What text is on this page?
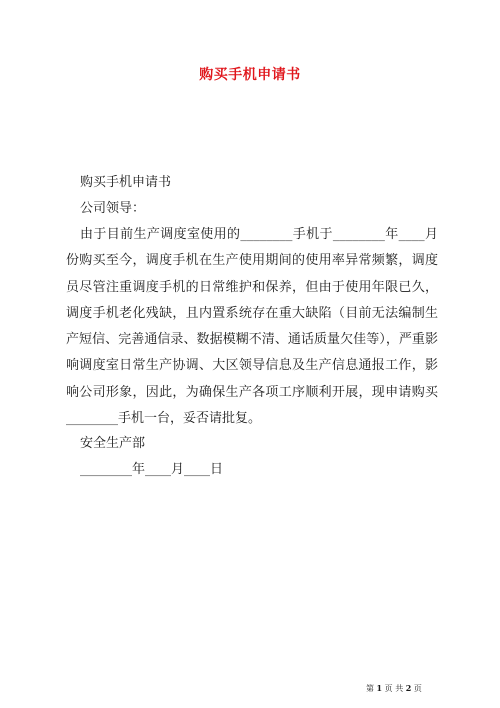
购买手机申请书
购买手机申请书
公司领导：
由于目前生产调度室使用的________手机于________年____月份购买至今，调度手机在生产使用期间的使用率异常频繁，调度员尽管注重调度手机的日常维护和保养，但由于使用年限已久，调度手机老化残缺，且内置系统存在重大缺陷（目前无法编制生产短信、完善通信录、数据模糊不清、通话质量欠佳等），严重影响调度室日常生产协调、大区领导信息及生产信息通报工作，影响公司形象，因此，为确保生产各项工序顺利开展，现申请购买________手机一台，妥否请批复。
安全生产部
________年____月____日
第 1 页 共 2 页
